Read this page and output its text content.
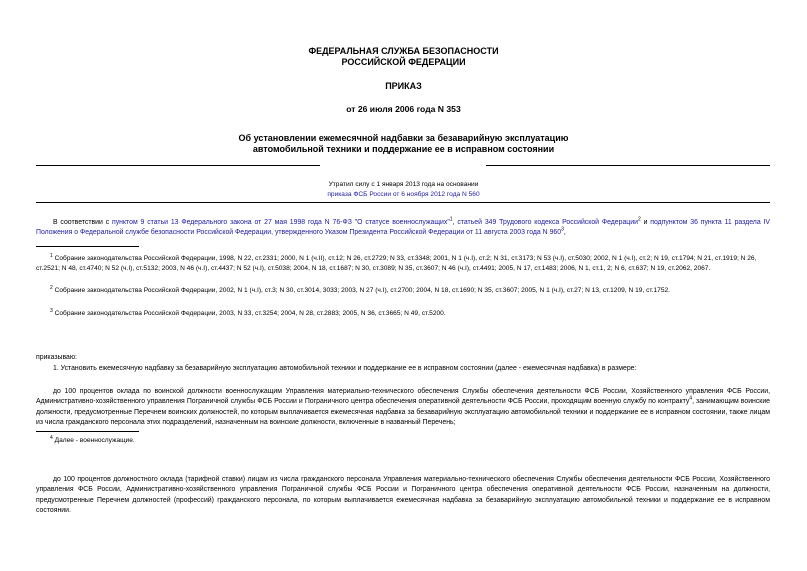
ФЕДЕРАЛЬНАЯ СЛУЖБА БЕЗОПАСНОСТИ
РОССИЙСКОЙ ФЕДЕРАЦИИ
ПРИКАЗ
от 26 июля 2006 года N 353
Об установлении ежемесячной надбавки за безаварийную эксплуатацию
автомобильной техники и поддержание ее в исправном состоянии
Утратил силу с 1 января 2013 года на основании
приказа ФСБ России от 6 ноября 2012 года N 560
В соответствии с пунктом 9 статьи 13 Федерального закона от 27 мая 1998 года N 76-ФЗ "О статусе военнослужащих"$^1$, статьей 349 Трудового кодекса Российской Федерации$^2$ и подпунктом 36 пункта 11 раздела IV Положения о Федеральной службе безопасности Российской Федерации, утвержденного Указом Президента Российской Федерации от 11 августа 2003 года N $960^3$,
$^1$ Собрание законодательства Российской Федерации, 1998, N 22, ст.2331; 2000, N 1 (ч.II), ст.12; N 26, ст.2729; N 33, ст.3348; 2001, N 1 (ч.I), ст.2; N 31, ст.3173; N 53 (ч.I), ст.5030; 2002, N 1 (ч.I), ст.2; N 19, ст.1794; N 21, ст.1919; N 26, ст.2521; N 48, ст.4740; N 52 (ч.I), ст.5132; 2003, N 46 (ч.I), ст.4437; N 52 (ч.I), ст.5038; 2004, N 18, ст.1687; N 30, ст.3089; N 35, ст.3607; N 46 (ч.I), ст.4491; 2005, N 17, ст.1483; 2006, N 1, ст.1, 2; N 6, ст.637; N 19, ст.2062, 2067.
$^2$ Собрание законодательства Российской Федерации, 2002, N 1 (ч.I), ст.3; N 30, ст.3014, 3033; 2003, N 27 (ч.I), ст.2700; 2004, N 18, ст.1690; N 35, ст.3607; 2005, N 1 (ч.I), ст.27; N 13, ст.1209, N 19, ст.1752.
$^3$ Собрание законодательства Российской Федерации, 2003, N 33, ст.3254; 2004, N 28, ст.2883; 2005, N 36, ст.3665; N 49, ст.5200.
приказываю:
1. Установить ежемесячную надбавку за безаварийную эксплуатацию автомобильной техники и поддержание ее в исправном состоянии (далее - ежемесячная надбавка) в размере:
до 100 процентов оклада по воинской должности военнослужащим Управления материально-технического обеспечения Службы обеспечения деятельности ФСБ России, Хозяйственного управления ФСБ России, Административно-хозяйственного управления Пограничной службы ФСБ России и Пограничного центра обеспечения оперативной деятельности ФСБ России, проходящим военную службу по контракту$^4$, занимающим воинские должности, предусмотренные Перечнем воинских должностей, по которым выплачивается ежемесячная надбавка за безаварийную эксплуатацию автомобильной техники и поддержание ее в исправном состоянии, также лицам из числа гражданского персонала этих подразделений, назначенным на воинские должности, включенные в названный Перечень;
$^4$ Далее - военнослужащие.
до 100 процентов должностного оклада (тарифной ставки) лицам из числа гражданского персонала Управления материально-технического обеспечения Службы обеспечения деятельности ФСБ России, Хозяйственного управления ФСБ России, Административно-хозяйственного управления Пограничной службы ФСБ России и Пограничного центра обеспечения оперативной деятельности ФСБ России, назначенным на должности, предусмотренные Перечнем должностей (профессий) гражданского персонала, по которым выплачивается ежемесячная надбавка за безаварийную эксплуатацию автомобильной техники и поддержание ее в исправном состоянии.
